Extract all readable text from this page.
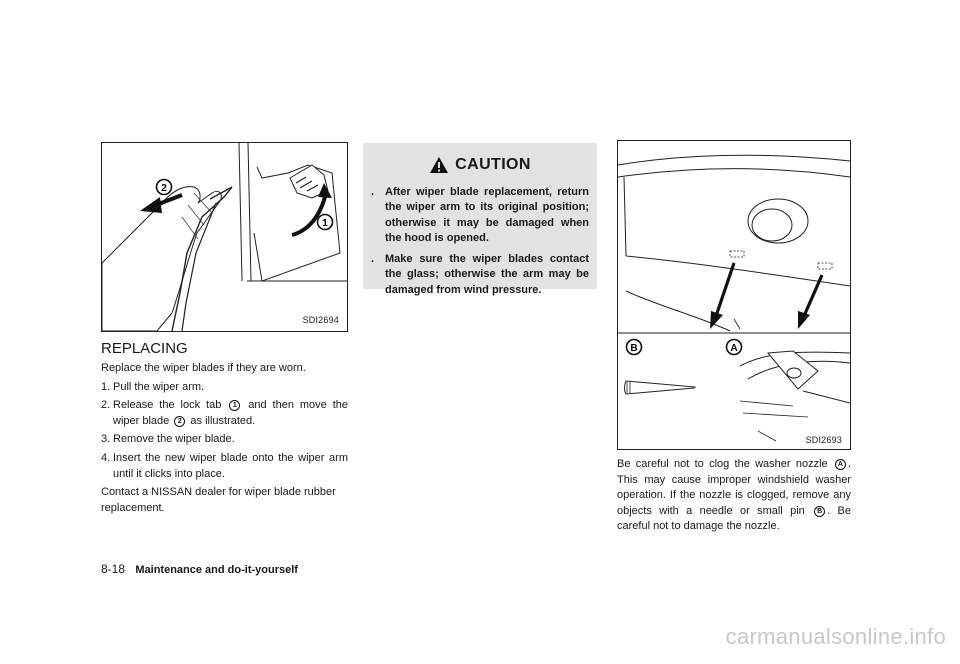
2
1
SDI2694
REPLACING

Replace the wiper blades if they are worn.

1. Pull the wiper arm.
2. Release the lock tab 1 and then move the wiper blade 2 as illustrated.
3. Remove the wiper blade.
4. Insert the new wiper blade onto the wiper arm until it clicks into place.

Contact a NISSAN dealer for wiper blade rubber replacement.

CAUTION
. After wiper blade replacement, return the wiper arm to its original position; otherwise it may be damaged when the hood is opened.
. Make sure the wiper blades contact the glass; otherwise the arm may be damaged from wind pressure.
B	A
SDI2693
Be careful not to clog the washer nozzle A . This may cause improper windshield washer operation. If the nozzle is clogged, remove any objects with a needle or small pin B . Be careful not to damage the nozzle.
8-18 Maintenance and do-it-yourself
carmanualsonline.info
